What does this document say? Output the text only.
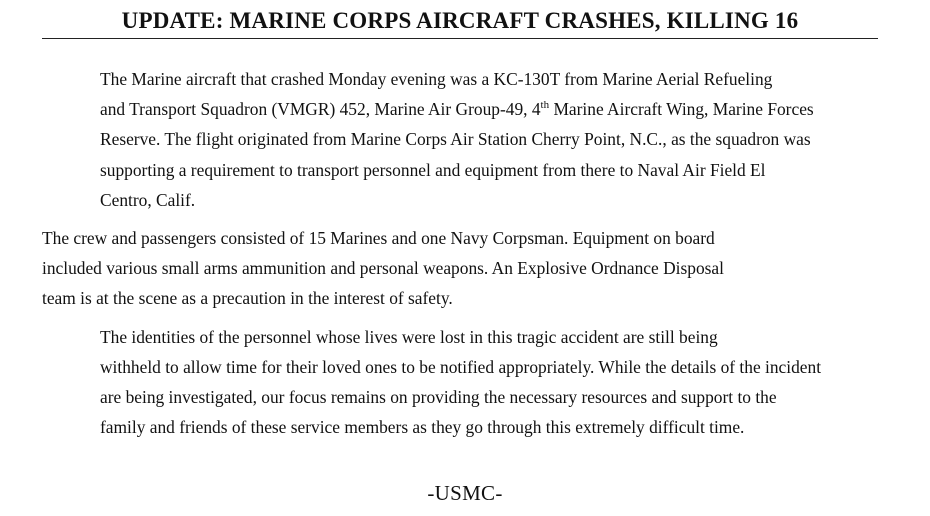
UPDATE: MARINE CORPS AIRCRAFT CRASHES, KILLING 16

The Marine aircraft that crashed Monday evening was a KC-130T from Marine Aerial Refueling
and Transport Squadron (VMGR) 452, Marine Air Group-49, 4th Marine Aircraft Wing, Marine Forces
Reserve. The flight originated from Marine Corps Air Station Cherry Point, N.C., as the squadron was
supporting a requirement to transport personnel and equipment from there to Naval Air Field El
Centro, Calif.

The crew and passengers consisted of 15 Marines and one Navy Corpsman. Equipment on board
included various small arms ammunition and personal weapons. An Explosive Ordnance Disposal
team is at the scene as a precaution in the interest of safety.

The identities of the personnel whose lives were lost in this tragic accident are still being
withheld to allow time for their loved ones to be notified appropriately. While the details of the incident
are being investigated, our focus remains on providing the necessary resources and support to the
family and friends of these service members as they go through this extremely difficult time.

-USMC-
